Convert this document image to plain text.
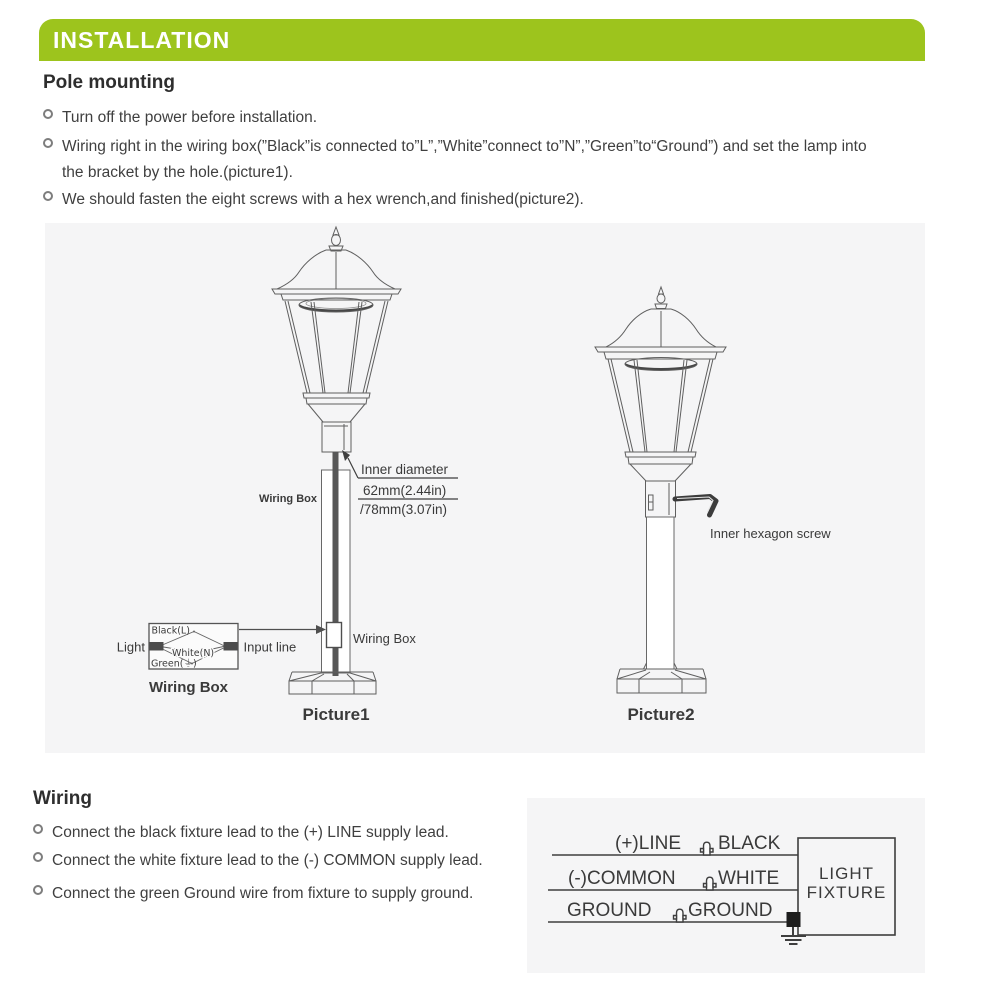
INSTALLATION
Pole mounting
Turn off the power before installation.
Wiring right in the wiring box(”Black”is connected to”L”,”White”connect to”N”,”Green”to“Ground”) and set the lamp into
the bracket by the hole.(picture1).
We should fasten the eight screws with a hex wrench,and finished(picture2).
Wiring Box
Inner diameter
62mm(2.44in)
/78mm(3.07in)
Wiring Box
Black(L)
White(N)
Green(⏚)
Light	Input line
Wiring Box
Picture1
Inner hexagon screw
Picture2
Wiring
Connect the black fixture lead to the (+) LINE supply lead.
Connect the white fixture lead to the (-) COMMON supply lead.
Connect the green Ground wire from fixture to supply ground.
(+)LINE BLACK
(-)COMMON WHITE
GROUND GROUND
LIGHT
FIXTURE
